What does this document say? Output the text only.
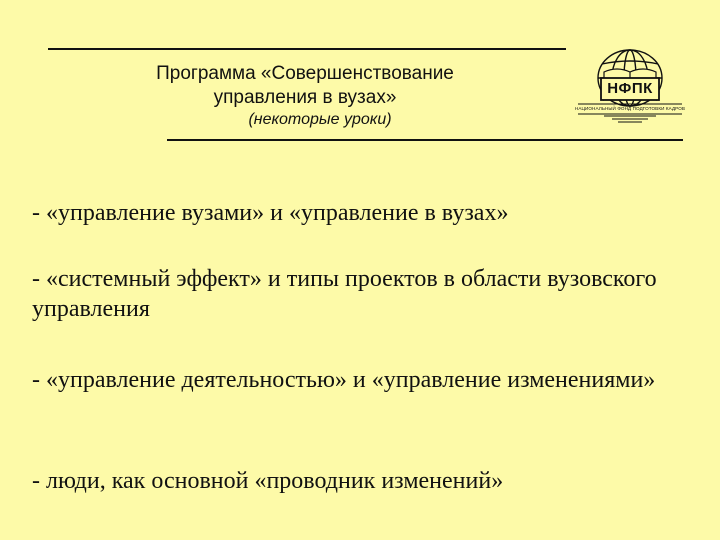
Программа «Совершенствование
управления в вузах»
(некоторые уроки)
НФПК
НАЦИОНАЛЬНЫЙ ФОНД ПОДГОТОВКИ КАДРОВ
- «управление вузами» и «управление в вузах»
- «системный эффект» и типы проектов в области вузовского управления
- «управление деятельностью» и «управление изменениями»
- люди, как основной «проводник изменений»
